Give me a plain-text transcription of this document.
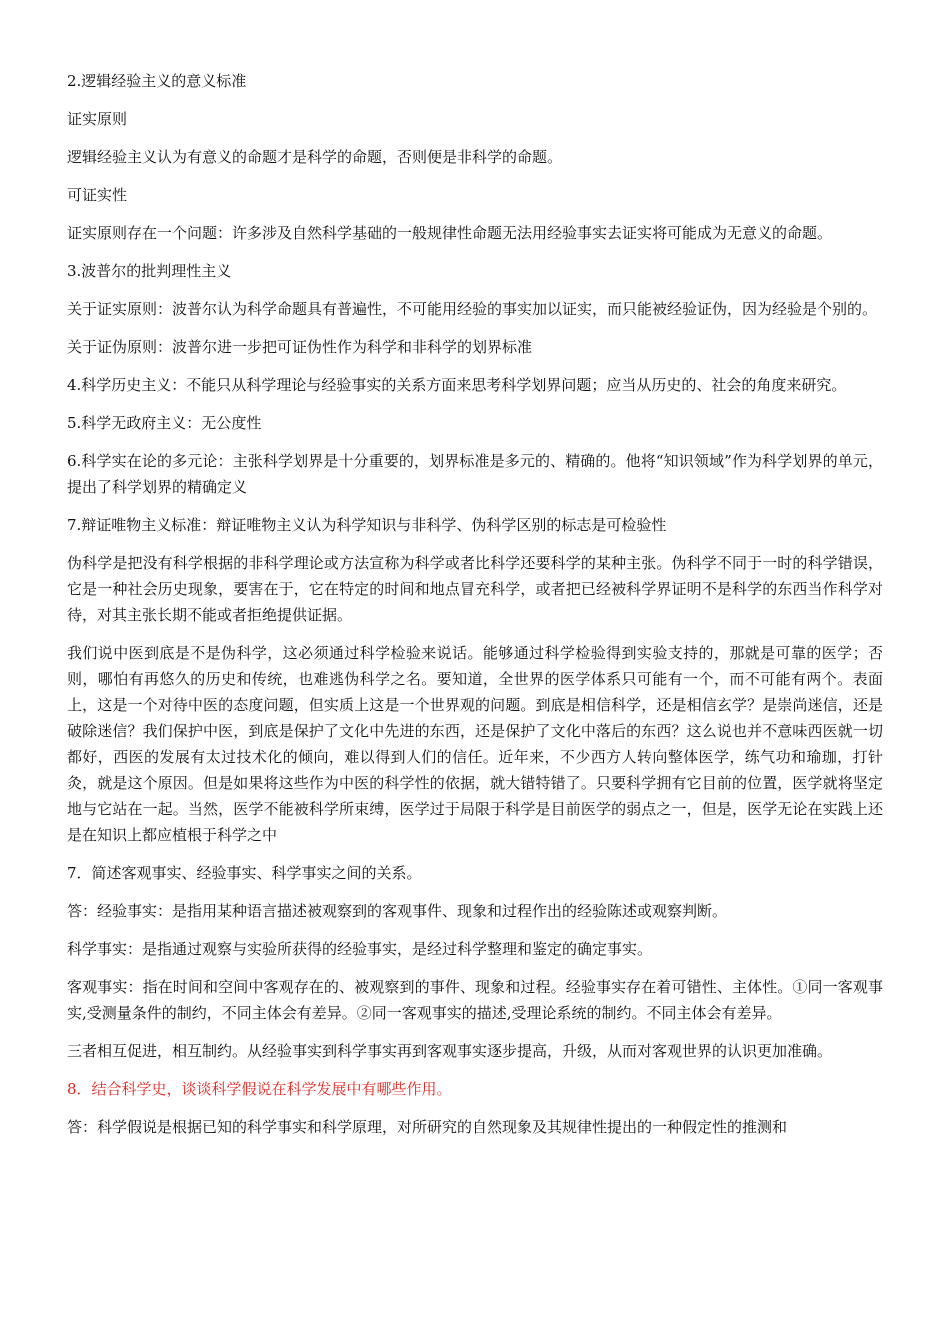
2.逻辑经验主义的意义标准

证实原则

逻辑经验主义认为有意义的命题才是科学的命题，否则便是非科学的命题。

可证实性

证实原则存在一个问题：许多涉及自然科学基础的一般规律性命题无法用经验事实去证实将可能成为无意义的命题。

3.波普尔的批判理性主义

关于证实原则：波普尔认为科学命题具有普遍性，不可能用经验的事实加以证实，而只能被经验证伪，因为经验是个别的。

关于证伪原则：波普尔进一步把可证伪性作为科学和非科学的划界标准

4.科学历史主义：不能只从科学理论与经验事实的关系方面来思考科学划界问题；应当从历史的、社会的角度来研究。

5.科学无政府主义：无公度性

6.科学实在论的多元论：主张科学划界是十分重要的，划界标准是多元的、精确的。他将“知识领域”作为科学划界的单元，提出了科学划界的精确定义

7.辩证唯物主义标准：辩证唯物主义认为科学知识与非科学、伪科学区别的标志是可检验性

伪科学是把没有科学根据的非科学理论或方法宣称为科学或者比科学还要科学的某种主张。伪科学不同于一时的科学错误，它是一种社会历史现象，要害在于，它在特定的时间和地点冒充科学，或者把已经被科学界证明不是科学的东西当作科学对待，对其主张长期不能或者拒绝提供证据。

我们说中医到底是不是伪科学，这必须通过科学检验来说话。能够通过科学检验得到实验支持的，那就是可靠的医学；否则，哪怕有再悠久的历史和传统，也难逃伪科学之名。要知道，全世界的医学体系只可能有一个，而不可能有两个。表面上，这是一个对待中医的态度问题，但实质上这是一个世界观的问题。到底是相信科学，还是相信玄学？是崇尚迷信，还是破除迷信？我们保护中医，到底是保护了文化中先进的东西，还是保护了文化中落后的东西？这么说也并不意味西医就一切都好，西医的发展有太过技术化的倾向，难以得到人们的信任。近年来，不少西方人转向整体医学，练气功和瑜珈，打针灸，就是这个原因。但是如果将这些作为中医的科学性的依据，就大错特错了。只要科学拥有它目前的位置，医学就将坚定地与它站在一起。当然，医学不能被科学所束缚，医学过于局限于科学是目前医学的弱点之一，但是，医学无论在实践上还是在知识上都应植根于科学之中

7．简述客观事实、经验事实、科学事实之间的关系。

答：经验事实：是指用某种语言描述被观察到的客观事件、现象和过程作出的经验陈述或观察判断。

科学事实：是指通过观察与实验所获得的经验事实，是经过科学整理和鉴定的确定事实。

客观事实：指在时间和空间中客观存在的、被观察到的事件、现象和过程。经验事实存在着可错性、主体性。①同一客观事实,受测量条件的制约，不同主体会有差异。②同一客观事实的描述,受理论系统的制约。不同主体会有差异。

三者相互促进，相互制约。从经验事实到科学事实再到客观事实逐步提高，升级，从而对客观世界的认识更加准确。

8．结合科学史，谈谈科学假说在科学发展中有哪些作用。

答：科学假说是根据已知的科学事实和科学原理，对所研究的自然现象及其规律性提出的一种假定性的推测和
